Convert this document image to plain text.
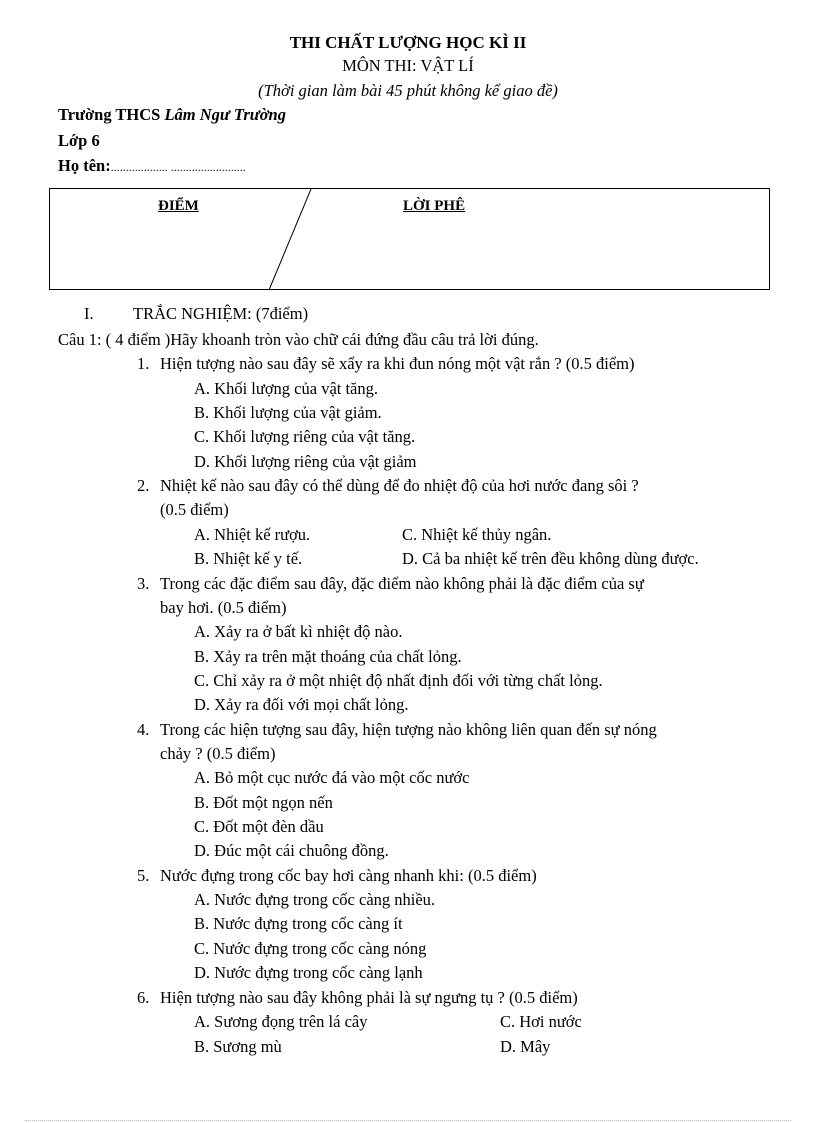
THI CHẤT LƯỢNG HỌC KÌ II
MÔN THI: VẬT LÍ
(Thời gian làm bài 45 phút không kể giao đề)
Trường THCS Lâm Ngư Trường
Lớp 6
Họ tên:................... .........................
ĐIỂM	LỜI PHÊ
I. TRẮC NGHIỆM: (7điểm)
Câu 1: ( 4 điểm )Hãy khoanh tròn vào chữ cái đứng đầu câu trả lời đúng.
1. Hiện tượng nào sau đây sẽ xẩy ra khi đun nóng một vật rắn ? (0.5 điểm)
A. Khối lượng của vật tăng.
B. Khối lượng của vật giảm.
C. Khối lượng riêng của vật tăng.
D. Khối lượng riêng của vật giảm
2. Nhiệt kế nào sau đây có thể dùng để đo nhiệt độ của hơi nước đang sôi ?
(0.5 điểm)
A. Nhiệt kế rượu.	C. Nhiệt kế thủy ngân.
B. Nhiệt kế y tế.	D. Cả ba nhiệt kế trên đều không dùng được.
3. Trong các đặc điểm sau đây, đặc điểm nào không phải là đặc điểm của sự
bay hơi. (0.5 điểm)
A. Xảy ra ở bất kì nhiệt độ nào.
B. Xảy ra trên mặt thoáng của chất lỏng.
C. Chỉ xảy ra ở một nhiệt độ nhất định đối với từng chất lỏng.
D. Xảy ra đối với mọi chất lỏng.
4. Trong các hiện tượng sau đây, hiện tượng nào không liên quan đến sự nóng
chảy ? (0.5 điểm)
A. Bỏ một cục nước đá vào một cốc nước
B. Đốt một ngọn nến
C. Đốt một đèn dầu
D. Đúc một cái chuông đồng.
5. Nước đựng trong cốc bay hơi càng nhanh khi: (0.5 điểm)
A. Nước đựng trong cốc càng nhiều.
B. Nước đựng trong cốc càng ít
C. Nước đựng trong cốc càng nóng
D. Nước đựng trong cốc càng lạnh
6. Hiện tượng nào sau đây không phải là sự ngưng tụ ? (0.5 điểm)
A. Sương đọng trên lá cây	C. Hơi nước
B. Sương mù	D. Mây
